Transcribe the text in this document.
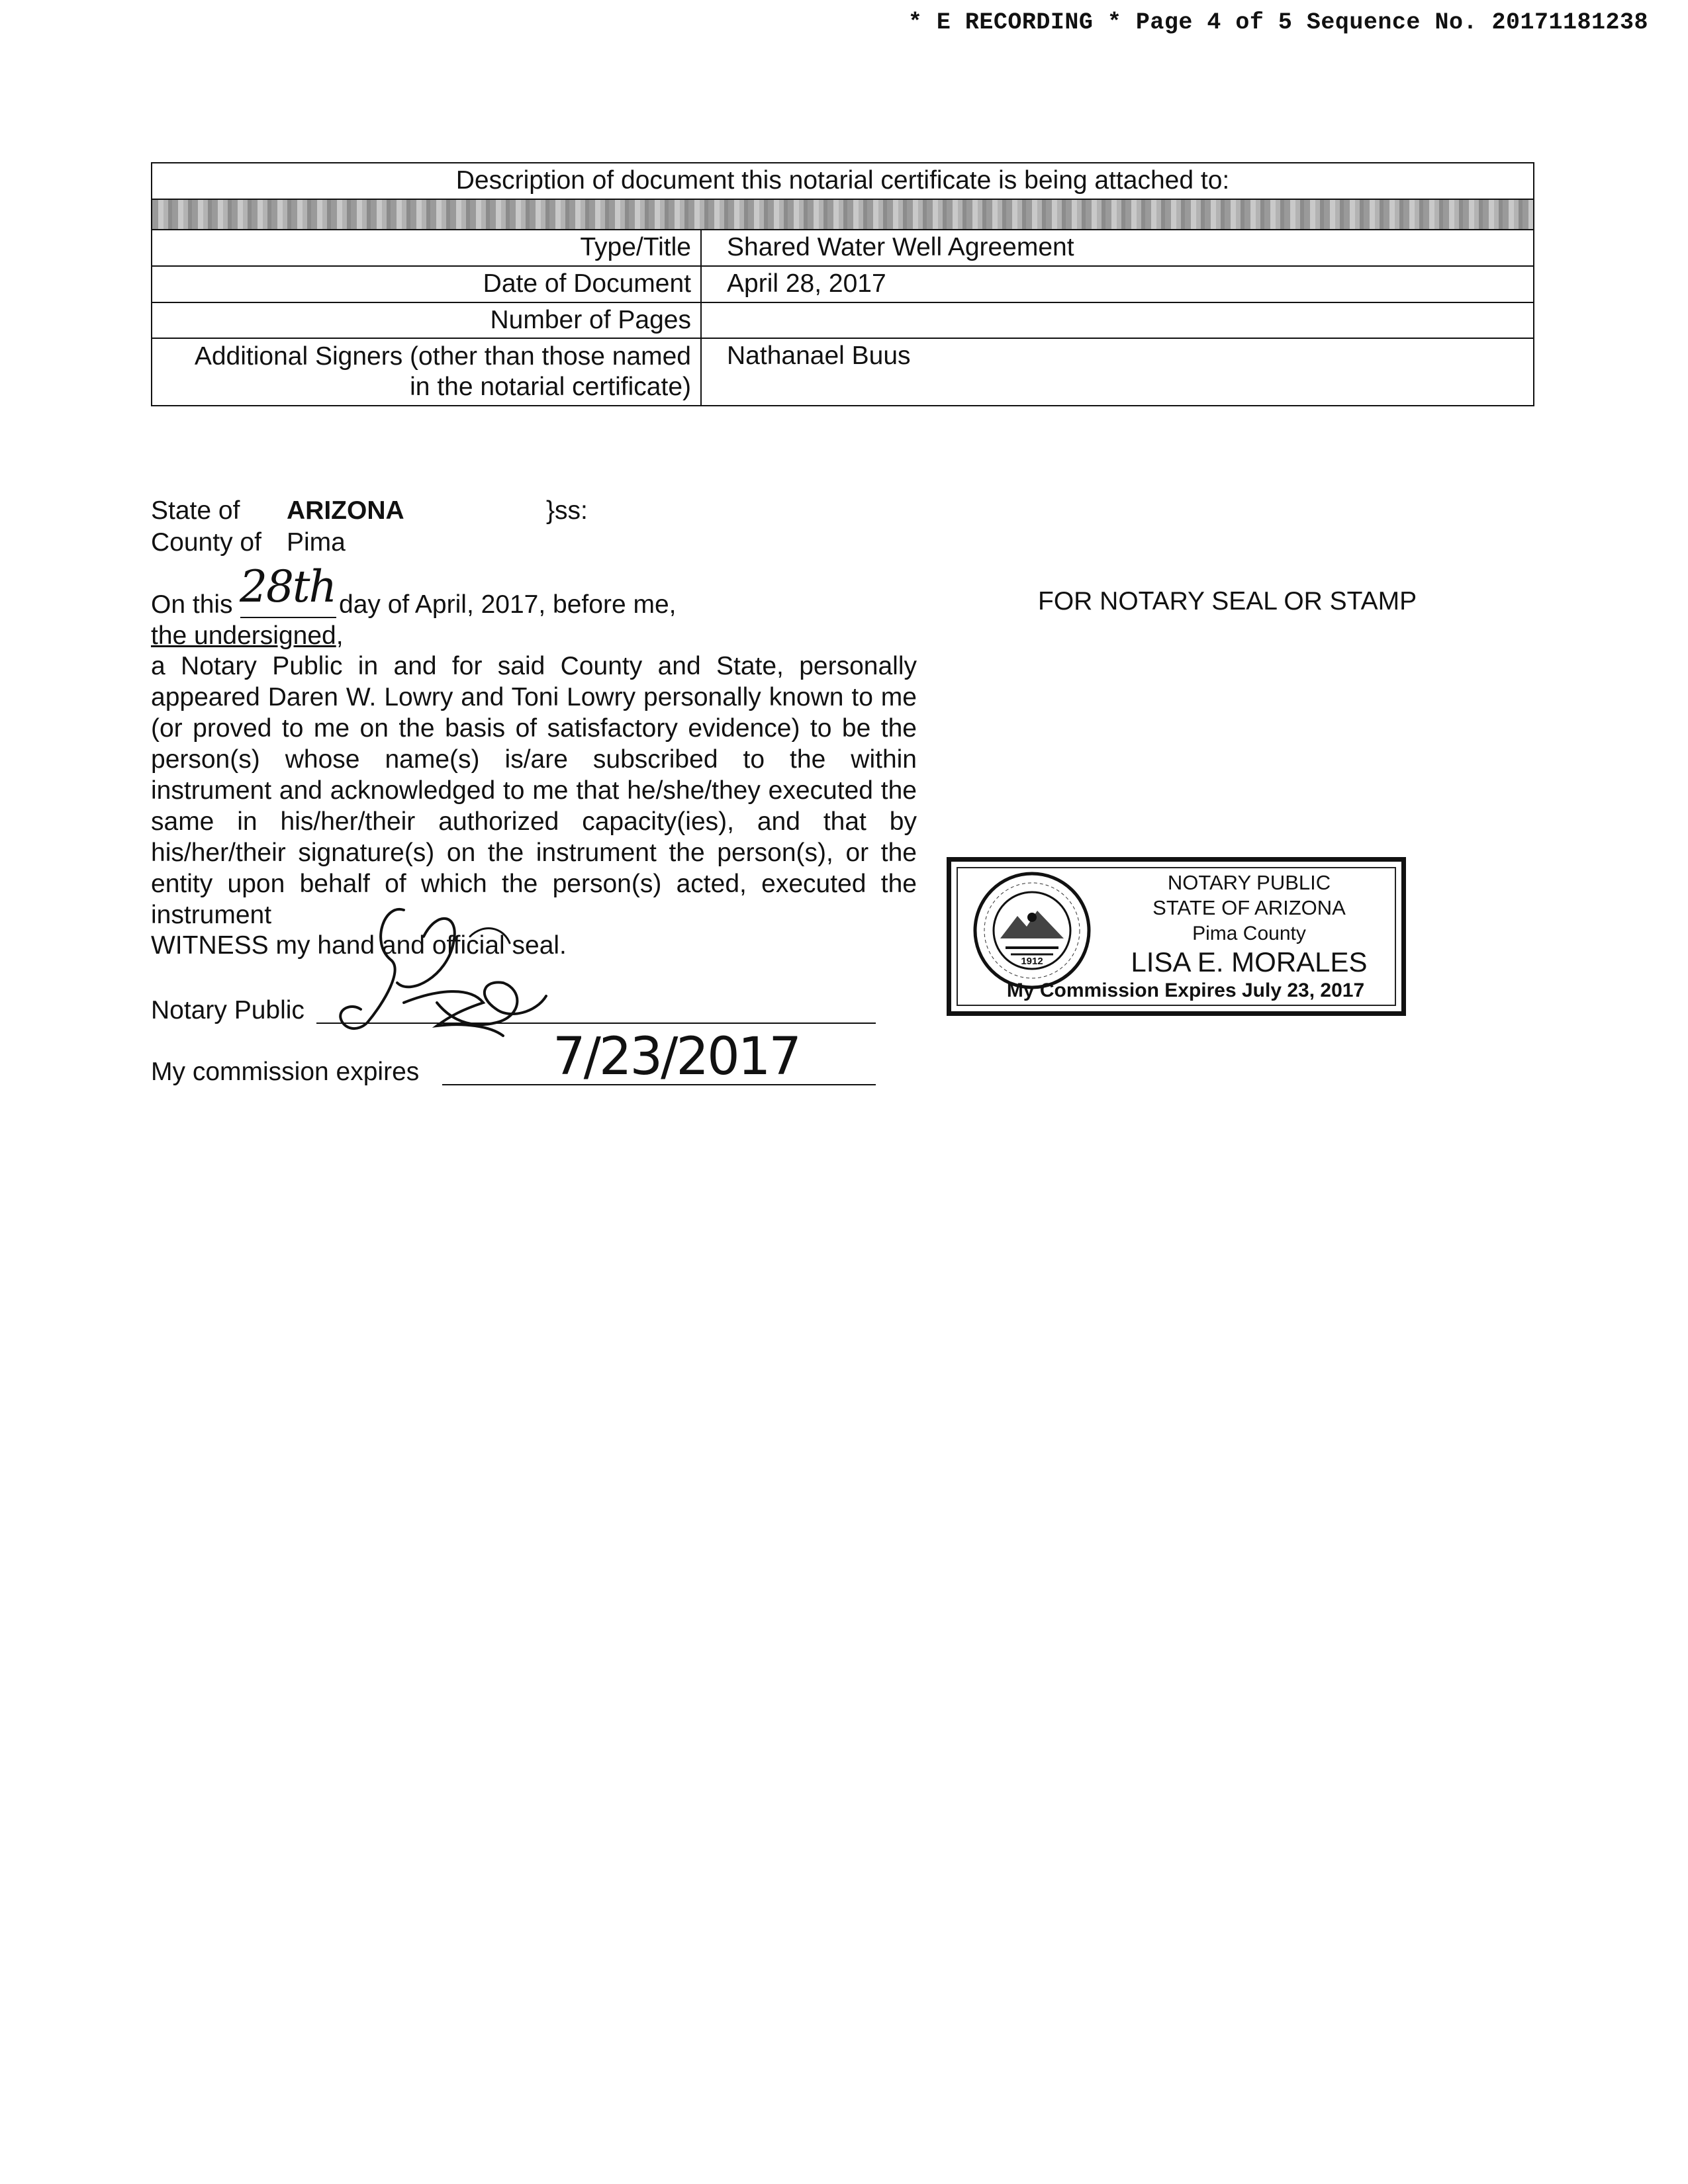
* E RECORDING * Page 4 of 5 Sequence No. 20171181238
Description of document this notarial certificate is being attached to:	

Type/Title	Shared Water Well Agreement
Date of Document	April 28, 2017
Number of Pages	

Additional Signers (other than those named
in the notarial certificate)	Nathanael Buus
State of ARIZONA	}ss:
County of Pima
On this 28th day of April, 2017, before me,
the undersigned,
a Notary Public in and for said County and State, personally appeared Daren W. Lowry and Toni Lowry personally known to me (or proved to me on the basis of satisfactory evidence) to be the person(s) whose name(s) is/are subscribed to the within instrument and acknowledged to me that he/she/they executed the same in his/her/their authorized capacity(ies), and that by his/her/their signature(s) on the instrument the person(s), or the entity upon behalf of which the person(s) acted, executed the instrument
WITNESS my hand and official seal.
Notary Public
My commission expires	7/23/2017
FOR NOTARY SEAL OR STAMP
1912
NOTARY PUBLIC
STATE OF ARIZONA
Pima County
LISA E. MORALES
My Commission Expires July 23, 2017
